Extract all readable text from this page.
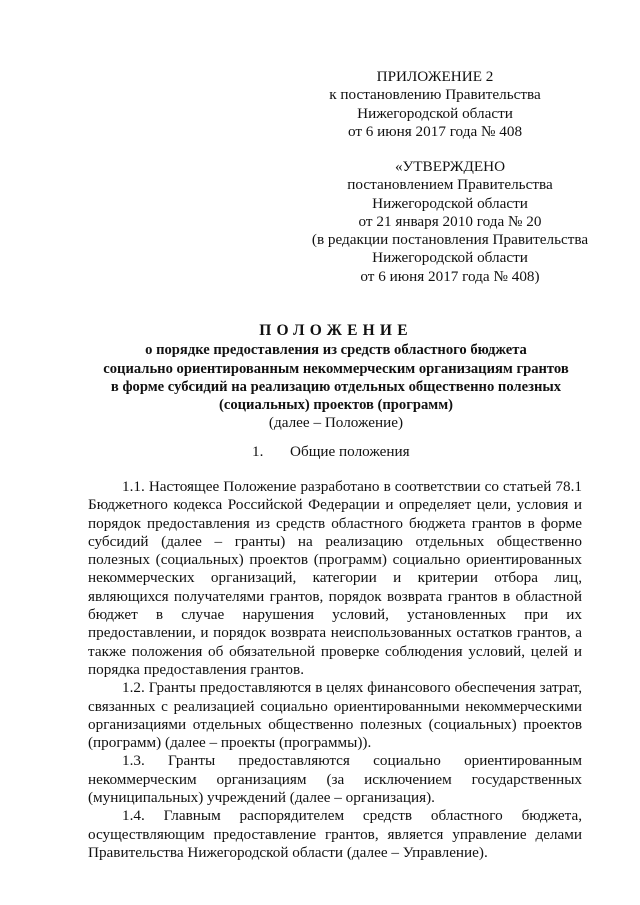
ПРИЛОЖЕНИЕ 2
к постановлению Правительства
Нижегородской области
от 6 июня 2017 года № 408
«УТВЕРЖДЕНО
постановлением Правительства
Нижегородской области
от 21 января 2010 года № 20
(в редакции постановления Правительства
Нижегородской области
от 6 июня 2017 года № 408)
ПОЛОЖЕНИЕ
о порядке предоставления из средств областного бюджета
социально ориентированным некоммерческим организациям грантов
в форме субсидий на реализацию отдельных общественно полезных
(социальных) проектов (программ)
(далее – Положение)
1. Общие положения

1.1. Настоящее Положение разработано в соответствии со статьей 78.1 Бюджетного кодекса Российской Федерации и определяет цели, условия и порядок предоставления из средств областного бюджета грантов в форме субсидий (далее – гранты) на реализацию отдельных общественно полезных (социальных) проектов (программ) социально ориентированных некоммерческих организаций, категории и критерии отбора лиц, являющихся получателями грантов, порядок возврата грантов в областной бюджет в случае нарушения условий, установленных при их предоставлении, и порядок возврата неиспользованных остатков грантов, а также положения об обязательной проверке соблюдения условий, целей и порядка предоставления грантов.

1.2. Гранты предоставляются в целях финансового обеспечения затрат, связанных с реализацией социально ориентированными некоммерческими организациями отдельных общественно полезных (социальных) проектов (программ) (далее – проекты (программы)).

1.3. Гранты предоставляются социально ориентированным некоммерческим организациям (за исключением государственных (муниципальных) учреждений (далее – организация).

1.4. Главным распорядителем средств областного бюджета, осуществляющим предоставление грантов, является управление делами Правительства Нижегородской области (далее – Управление).
